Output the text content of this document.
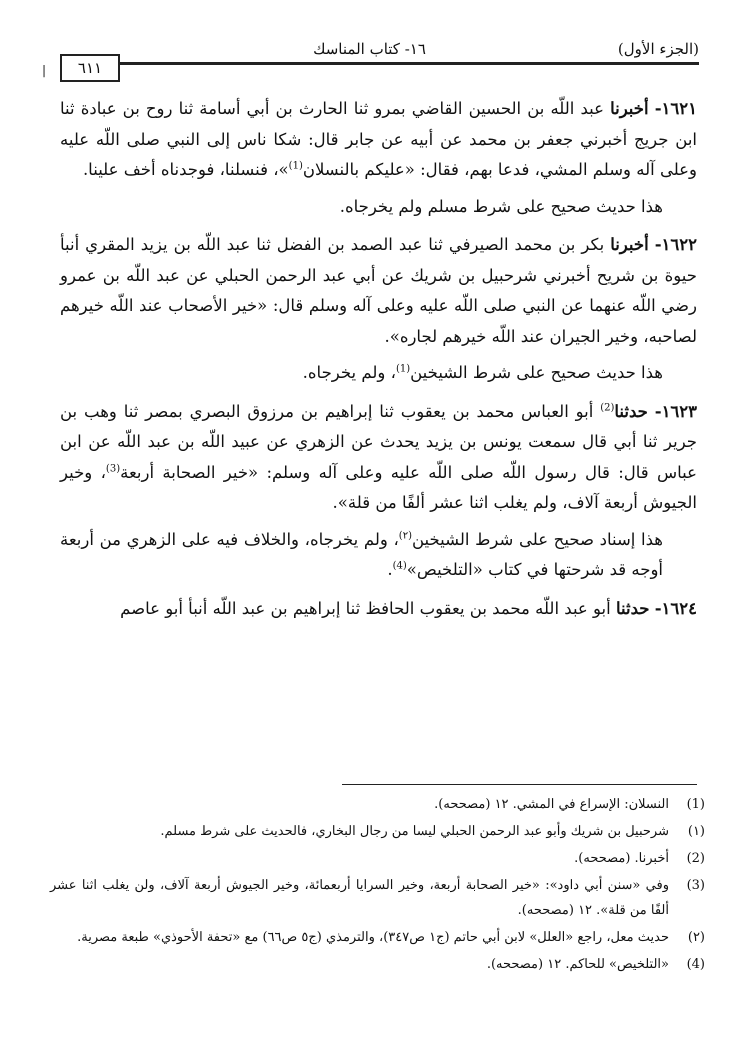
(الجزء الأول)
١٦- كتاب المناسك
٦١١
|

١٦٢١- أخبرنا عبد اللّه بن الحسين القاضي بمرو ثنا الحارث بن أبي أسامة ثنا روح بن عبادة ثنا ابن جريج أخبرني جعفر بن محمد عن أبيه عن جابر قال: شكا ناس إلى النبي صلى اللّه عليه وعلى آله وسلم المشي، فدعا بهم، فقال: «عليكم بالنسلان$^{(1)}$»، فنسلنا، فوجدناه أخف علينا.

هذا حديث صحيح على شرط مسلم ولم يخرجاه.

١٦٢٢- أخبرنا بكر بن محمد الصيرفي ثنا عبد الصمد بن الفضل ثنا عبد اللّه بن يزيد المقري أنبأ حيوة بن شريح أخبرني شرحبيل بن شريك عن أبي عبد الرحمن الحبلي عن عبد اللّه بن عمرو رضي اللّه عنهما عن النبي صلى اللّه عليه وعلى آله وسلم قال: «خير الأصحاب عند اللّه خيرهم لصاحبه، وخير الجيران عند اللّه خيرهم لجاره».

هذا حديث صحيح على شرط الشيخين$^{(1)}$، ولم يخرجاه.

١٦٢٣- حدثنا$^{(2)}$ أبو العباس محمد بن يعقوب ثنا إبراهيم بن مرزوق البصري بمصر ثنا وهب بن جرير ثنا أبي قال سمعت يونس بن يزيد يحدث عن الزهري عن عبيد اللّه بن عبد اللّه عن ابن عباس قال: قال رسول اللّه صلى اللّه عليه وعلى آله وسلم: «خير الصحابة أربعة$^{(3)}$، وخير الجيوش أربعة آلاف، ولم يغلب اثنا عشر ألفًا من قلة».

هذا إسناد صحيح على شرط الشيخين$^{(٢)}$، ولم يخرجاه، والخلاف فيه على الزهري من أربعة أوجه قد شرحتها في كتاب «التلخيص»$^{(4)}$.

١٦٢٤- حدثنا أبو عبد اللّه محمد بن يعقوب الحافظ ثنا إبراهيم بن عبد اللّه أنبأ أبو عاصم

(1)
النسلان: الإسراع في المشي. ١٢ (مصححه).
(١)
شرحبيل بن شريك وأبو عبد الرحمن الحبلي ليسا من رجال البخاري، فالحديث على شرط مسلم.
(2)
أخبرنا. (مصححه).
(3)
وفي «سنن أبي داود»: «خير الصحابة أربعة، وخير السرايا أربعمائة، وخير الجيوش أربعة آلاف، ولن يغلب اثنا عشر ألفًا من قلة». ١٢ (مصححه).
(٢)
حديث معل، راجع «العلل» لابن أبي حاتم (ج١ ص٣٤٧)، والترمذي (ج٥ ص٦٦) مع «تحفة الأحوذي» طبعة مصرية.
(4)
«التلخيص» للحاكم. ١٢ (مصححه).
